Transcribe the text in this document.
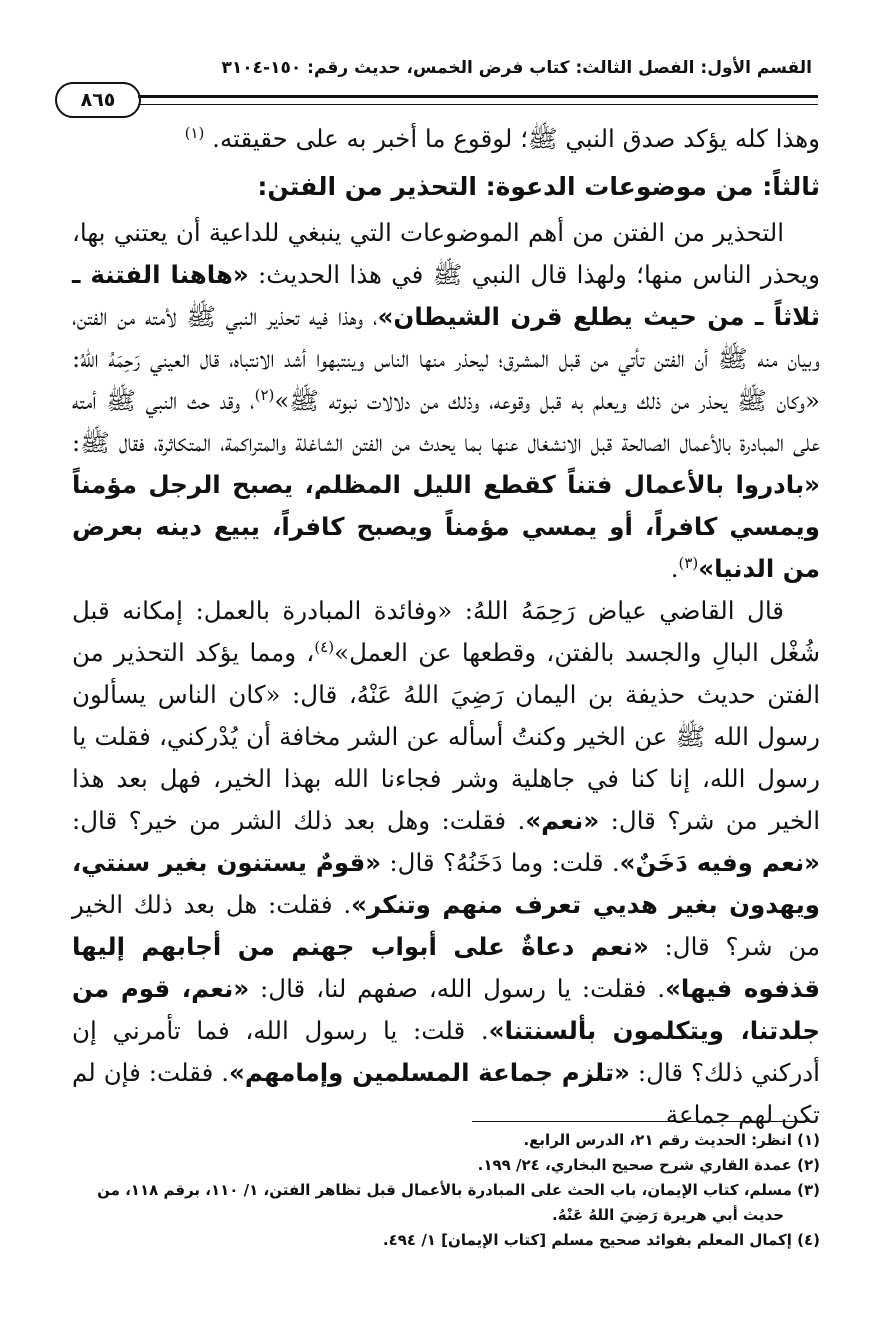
القسم الأول: الفصل الثالث: كتاب فرض الخمس، حديث رقم: ١٥٠-٣١٠٤
٨٦٥

وهذا كله يؤكد صدق النبي ﷺ؛ لوقوع ما أخبر به على حقيقته. $^{(١)}$

ثالثاً: من موضوعات الدعوة: التحذير من الفتن:

التحذير من الفتن من أهم الموضوعات التي ينبغي للداعية أن يعتني بها، ويحذر الناس منها؛ ولهذا قال النبي ﷺ في هذا الحديث: «هاهنا الفتنة ـ ثلاثاً ـ من حيث يطلع قرن الشيطان»، وهذا فيه تحذير النبي ﷺ لأمته من الفتن، وبيان منه ﷺ أن الفتن تأتي من قبل المشرق؛ ليحذر منها الناس وينتبهوا أشد الانتباه، قال العيني رَحِمَهُ اللهُ: «وكان ﷺ يحذر من ذلك ويعلم به قبل وقوعه، وذلك من دلالات نبوته ﷺ»$^{(٢)}$، وقد حث النبي ﷺ أمته على المبادرة بالأعمال الصالحة قبل الانشغال عنها بما يحدث من الفتن الشاغلة والمتراكمة، المتكاثرة، فقال ﷺ: «بادروا بالأعمال فتناً كقطع الليل المظلم، يصبح الرجل مؤمناً ويمسي كافراً، أو يمسي مؤمناً ويصبح كافراً، يبيع دينه بعرض من الدنيا»$^{(٣)}$.

قال القاضي عياض رَحِمَهُ اللهُ: «وفائدة المبادرة بالعمل: إمكانه قبل شُغْل البالِ والجسد بالفتن، وقطعها عن العمل»$^{(٤)}$، ومما يؤكد التحذير من الفتن حديث حذيفة بن اليمان رَضِيَ اللهُ عَنْهُ، قال: «كان الناس يسألون رسول الله ﷺ عن الخير وكنتُ أسأله عن الشر مخافة أن يُدْركني، فقلت يا رسول الله، إنا كنا في جاهلية وشر فجاءنا الله بهذا الخير، فهل بعد هذا الخير من شر؟ قال: «نعم». فقلت: وهل بعد ذلك الشر من خير؟ قال: «نعم وفيه دَخَنٌ». قلت: وما دَخَنُهُ؟ قال: «قومٌ يستنون بغير سنتي، ويهدون بغير هديي تعرف منهم وتنكر». فقلت: هل بعد ذلك الخير من شر؟ قال: «نعم دعاةٌ على أبواب جهنم من أجابهم إليها قذفوه فيها». فقلت: يا رسول الله، صفهم لنا، قال: «نعم، قوم من جلدتنا، ويتكلمون بألسنتنا». قلت: يا رسول الله، فما تأمرني إن أدركني ذلك؟ قال: «تلزم جماعة المسلمين وإمامهم». فقلت: فإن لم تكن لهم جماعة

(١) انظر: الحديث رقم ٢١، الدرس الرابع.

(٢) عمدة القاري شرح صحيح البخاري، ٢٤/ ١٩٩.

(٣) مسلم، كتاب الإيمان، باب الحث على المبادرة بالأعمال قبل تظاهر الفتن، ١/ ١١٠، برقم ١١٨، من

حديث أبي هريرة رَضِيَ اللهُ عَنْهُ.

(٤) إكمال المعلم بفوائد صحيح مسلم [كتاب الإيمان] ١/ ٤٩٤.
